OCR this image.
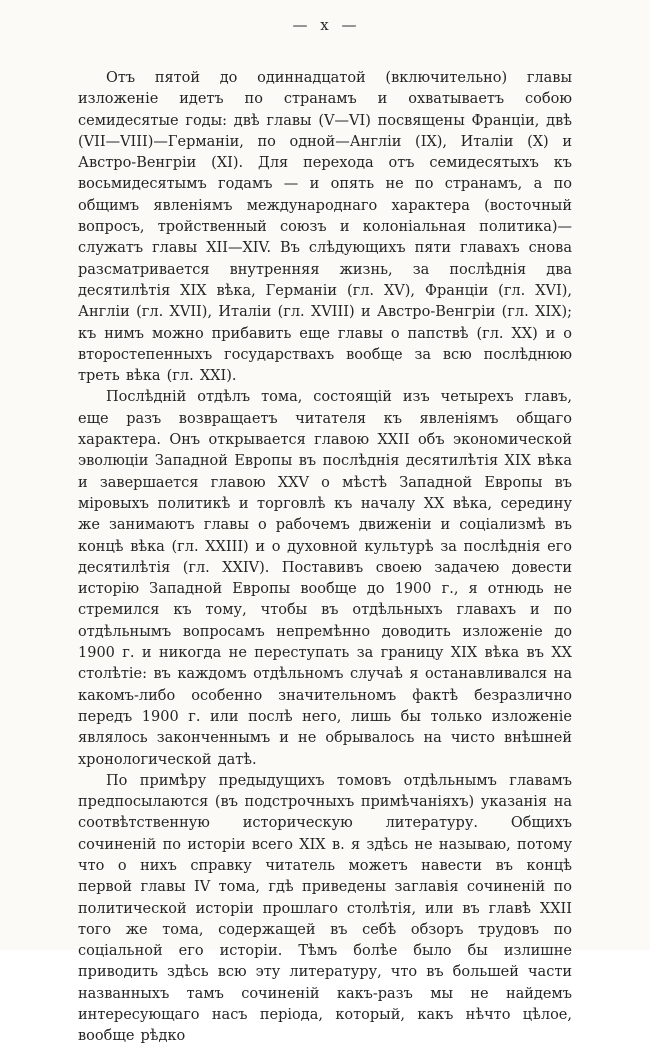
— x —

Отъ пятой до одиннадцатой (включительно) главы изложеніе идетъ по странамъ и охватываетъ собою семидесятые годы: двѣ главы (V—VI) посвящены Франціи, двѣ (VII—VIII)—Германіи, по одной—Англіи (IX), Италіи (X) и Австро-Венгріи (XI). Для перехода отъ семидесятыхъ къ восьмидесятымъ годамъ — и опять не по странамъ, а по общимъ явленіямъ международнаго характера (восточный вопросъ, тройственный союзъ и колоніальная политика)—служатъ главы XII—XIV. Въ слѣдующихъ пяти главахъ снова разсматривается внутренняя жизнь, за послѣднія два десятилѣтія XIX вѣка, Германіи (гл. XV), Франціи (гл. XVI), Англіи (гл. XVII), Италіи (гл. XVIII) и Австро-Венгріи (гл. XIX); къ нимъ можно прибавить еще главы о папствѣ (гл. XX) и о второстепенныхъ государствахъ вообще за всю послѣднюю треть вѣка (гл. XXI).

Послѣдній отдѣлъ тома, состоящій изъ четырехъ главъ, еще разъ возвращаетъ читателя къ явленіямъ общаго характера. Онъ открывается главою XXII объ экономической эволюціи Западной Европы въ послѣднія десятилѣтія XIX вѣка и завершается главою XXV о мѣстѣ Западной Европы въ міровыхъ политикѣ и торговлѣ къ началу XX вѣка, середину же занимаютъ главы о рабочемъ движеніи и соціализмѣ въ концѣ вѣка (гл. XXIII) и о духовной культурѣ за послѣднія его десятилѣтія (гл. XXIV). Поставивъ своею задачею довести исторію Западной Европы вообще до 1900 г., я отнюдь не стремился къ тому, чтобы въ отдѣльныхъ главахъ и по отдѣльнымъ вопросамъ непремѣнно доводить изложеніе до 1900 г. и никогда не переступать за границу XIX вѣка въ XX столѣтіе: въ каждомъ отдѣльномъ случаѣ я останавливался на какомъ-либо особенно значительномъ фактѣ безразлично передъ 1900 г. или послѣ него, лишь бы только изложеніе являлось законченнымъ и не обрывалось на чисто внѣшней хронологической датѣ.

По примѣру предыдущихъ томовъ отдѣльнымъ главамъ предпосылаются (въ подстрочныхъ примѣчаніяхъ) указанія на соотвѣтственную историческую литературу. Общихъ сочиненій по исторіи всего XIX в. я здѣсь не называю, потому что о нихъ справку читатель можетъ навести въ концѣ первой главы IV тома, гдѣ приведены заглавія сочиненій по политической исторіи прошлаго столѣтія, или въ главѣ XXII того же тома, содержащей въ себѣ обзоръ трудовъ по соціальной его исторіи. Тѣмъ болѣе было бы излишне приводить здѣсь всю эту литературу, что въ большей части названныхъ тамъ сочиненій какъ-разъ мы не найдемъ интересующаго насъ періода, который, какъ нѣчто цѣлое, вообще рѣдко
